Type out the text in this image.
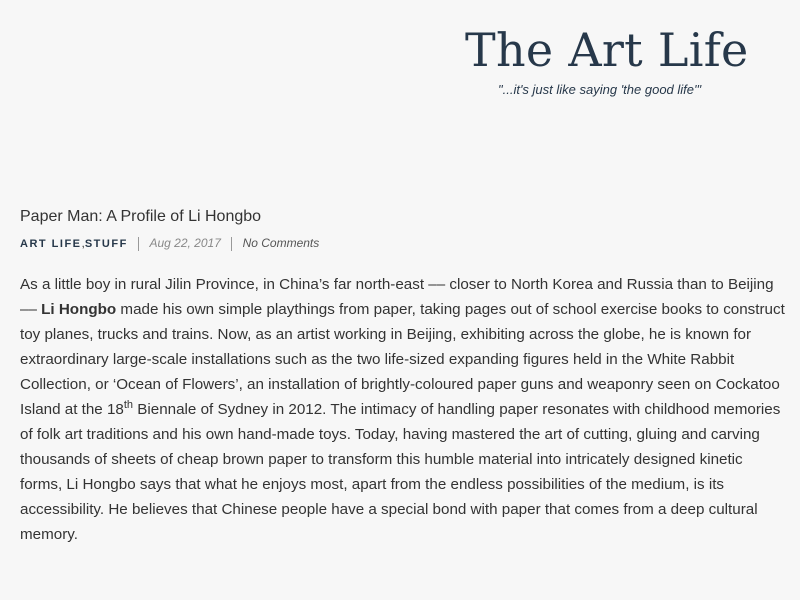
The Art Life

"...it's just like saying 'the good life'"

Paper Man: A Profile of Li Hongbo
ART LIFE,STUFF Aug 22, 2017 No Comments

As a little boy in rural Jilin Province, in China’s far north-east –– closer to North Korea and Russia than to Beijing –– Li Hongbo made his own simple playthings from paper, taking pages out of school exercise books to construct toy planes, trucks and trains. Now, as an artist working in Beijing, exhibiting across the globe, he is known for extraordinary large-scale installations such as the two life-sized expanding figures held in the White Rabbit Collection, or ‘Ocean of Flowers’, an installation of brightly-coloured paper guns and weaponry seen on Cockatoo Island at the 18th Biennale of Sydney in 2012. The intimacy of handling paper resonates with childhood memories of folk art traditions and his own hand-made toys. Today, having mastered the art of cutting, gluing and carving thousands of sheets of cheap brown paper to transform this humble material into intricately designed kinetic forms, Li Hongbo says that what he enjoys most, apart from the endless possibilities of the medium, is its accessibility. He believes that Chinese people have a special bond with paper that comes from a deep cultural memory.
